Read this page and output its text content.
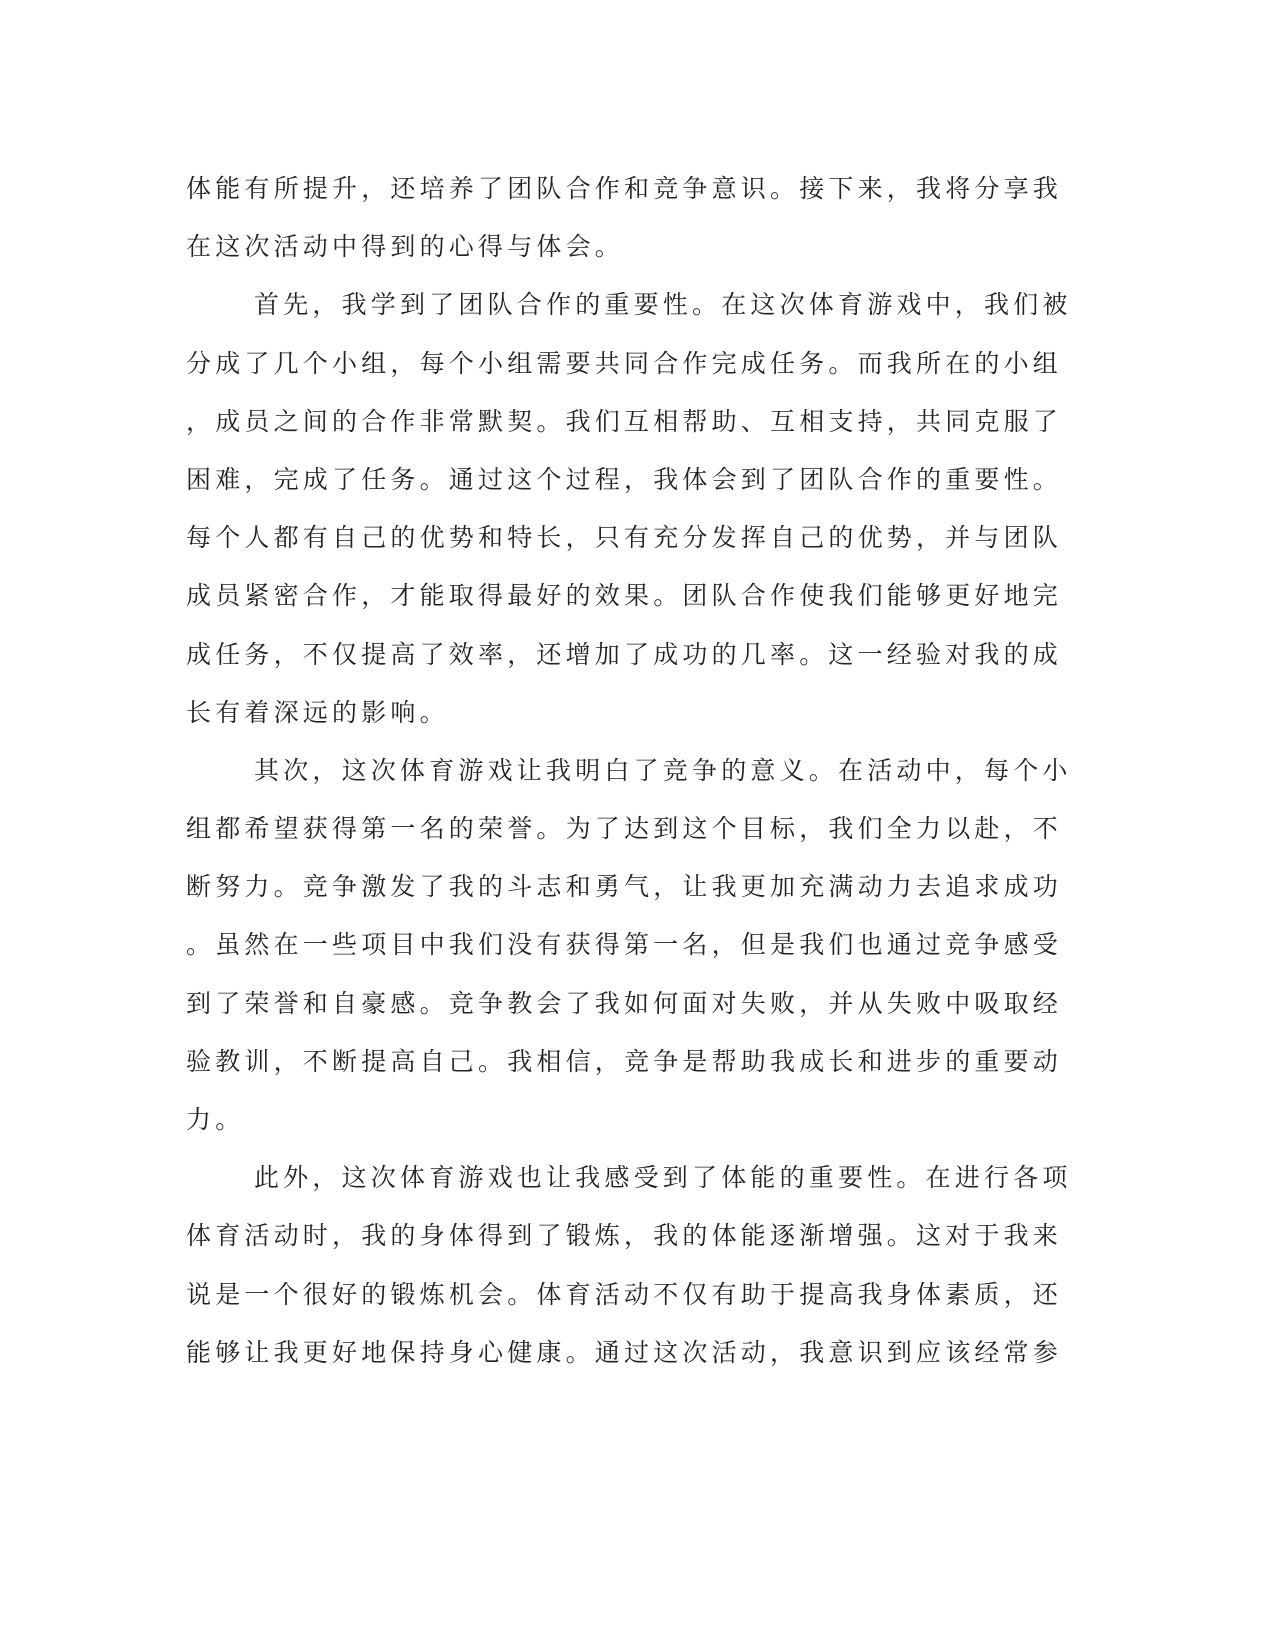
体能有所提升，还培养了团队合作和竞争意识。接下来，我将分享我
在这次活动中得到的心得与体会。
首先，我学到了团队合作的重要性。在这次体育游戏中，我们被
分成了几个小组，每个小组需要共同合作完成任务。而我所在的小组
，成员之间的合作非常默契。我们互相帮助、互相支持，共同克服了
困难，完成了任务。通过这个过程，我体会到了团队合作的重要性。
每个人都有自己的优势和特长，只有充分发挥自己的优势，并与团队
成员紧密合作，才能取得最好的效果。团队合作使我们能够更好地完
成任务，不仅提高了效率，还增加了成功的几率。这一经验对我的成
长有着深远的影响。
其次，这次体育游戏让我明白了竞争的意义。在活动中，每个小
组都希望获得第一名的荣誉。为了达到这个目标，我们全力以赴，不
断努力。竞争激发了我的斗志和勇气，让我更加充满动力去追求成功
。虽然在一些项目中我们没有获得第一名，但是我们也通过竞争感受
到了荣誉和自豪感。竞争教会了我如何面对失败，并从失败中吸取经
验教训，不断提高自己。我相信，竞争是帮助我成长和进步的重要动
力。
此外，这次体育游戏也让我感受到了体能的重要性。在进行各项
体育活动时，我的身体得到了锻炼，我的体能逐渐增强。这对于我来
说是一个很好的锻炼机会。体育活动不仅有助于提高我身体素质，还
能够让我更好地保持身心健康。通过这次活动，我意识到应该经常参
